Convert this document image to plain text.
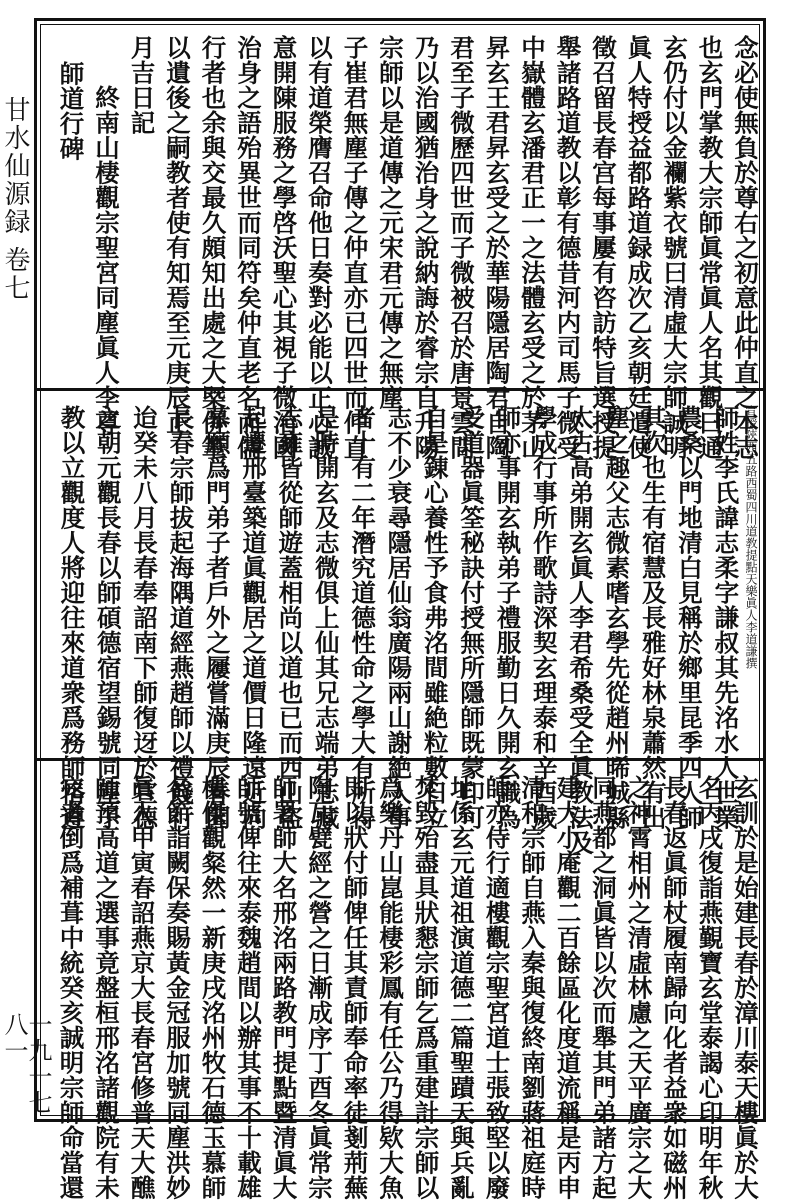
甘水仙源録 卷七
一九一七八一
念必使無負於尊右之初意此仲直之本志
也玄門掌教大宗師眞常眞人名其觀曰通
玄仍付以金襴紫衣號曰清虛大宗師誠明
眞人特授益都路道録成次乙亥朝廷遣使
徵召留長春宫每事屢有咨訪特旨選授提
舉諸路道教以彰有德昔河内司馬子微受
中嶽體玄潘君正一之法體玄受之於茅山
昇玄王君昇玄受之於華陽隱居陶君自陶
君至子微歷四世而子微被召於唐景雲間
乃以治國猶治身之說納誨於睿宗自升陽
宗師以是道傳之元宋君元傳之無塵
子崔君無塵子傳之仲直亦已四世而仲直
以有道榮膺召命他日奏對必能以正心誠
意開陳服務之學啓沃聖心其視子微治國
治身之語殆異世而同符矣仲直老名而儒
行者也余與交最久頗知出處之大槩併筆
以遺後之嗣教者使有知焉至元庚辰正
月吉日記
終南山棲觀宗聖宮同塵眞人李尊
師道行碑
宣授陝西五路西蜀四川道教提點天樂眞人李道謙撰
師姓李氏諱志柔字謙叔其先洺水人世業
農桑以門地清白見稱於鄉里昆季四人師
其次也生有宿慧及長雅好林泉蕭然有出
塵之趣父志微素嗜玄學先從趙州晞城縣
太古高弟開玄眞人李君希桑受全眞教法及
學成行事所作歌詩深契玄理泰和辛酉歲
師亦事開玄執弟子禮服勤日久開玄識為
受道器眞筌秘訣付授無所隱師既蒙印可
自是錬心養性予食弗洺間雖絶粒數日立
志不少衰尋隱居仙翁廣陽兩山謝絶人事
者十有二年潛究道德性命之學大有所得
是時開玄及志微俱上仙其兄志端弟志藏
志雍皆從師遊蓋相尚以道也已而西山盜
起遷邢臺築道眞觀居之道價日隆遠近向
慕願爲門弟子者戶外之屨嘗滿庚辰春聞
長春宗師拔起海隅道經燕趙師以禮餞行
迨癸未八月長春奉詔南下師復迓於宣德
之朝元觀長春以師碩德宿望錫號同塵子
教以立觀度人將迎往來道衆爲務師恪遵
玄訓於是始建長春於漳川泰天樓眞於大
名丙戌復詣燕覲寶玄堂泰謁心印明年秋
長春返眞師杖履南歸向化者益衆如磁州
之神霄相州之清虛林慮之天平廣宗之大
同燕都之洞眞皆以次而舉其門弟諸方起
建大小庵觀二百餘區化度道流稱是丙申
清和宗師自燕入秦與復終南劉蔣祖庭時
師亦侍行適樓觀宗聖宮道士張致堅以廢
址係玄元道祖演道德二篇聖蹟天與兵亂
焚毀殆盡具狀懇宗師乞爲重建計宗師以
爲樂丹山崑能棲彩鳳有任公乃得欵大魚
即以狀付師俾任其責師奉命率徒剗荊蕪
陶瓦甓經之營之日漸成序丁酉冬眞常宗
師署師大名邢洺兩路教門提點暨清眞大
師號俾往來泰魏趙間以辦其事不十載雄
樓傑觀粲然一新庚戌洺州牧石德玉慕師
名節詣闕保奏賜黃金冠服加號同塵洪妙
眞人甲寅春詔燕京大長春宮修普天大醮
師預高道之選事竟盤桓邢洺諸觀院有未
完者倒爲補葺中統癸亥誠明宗師命當還
